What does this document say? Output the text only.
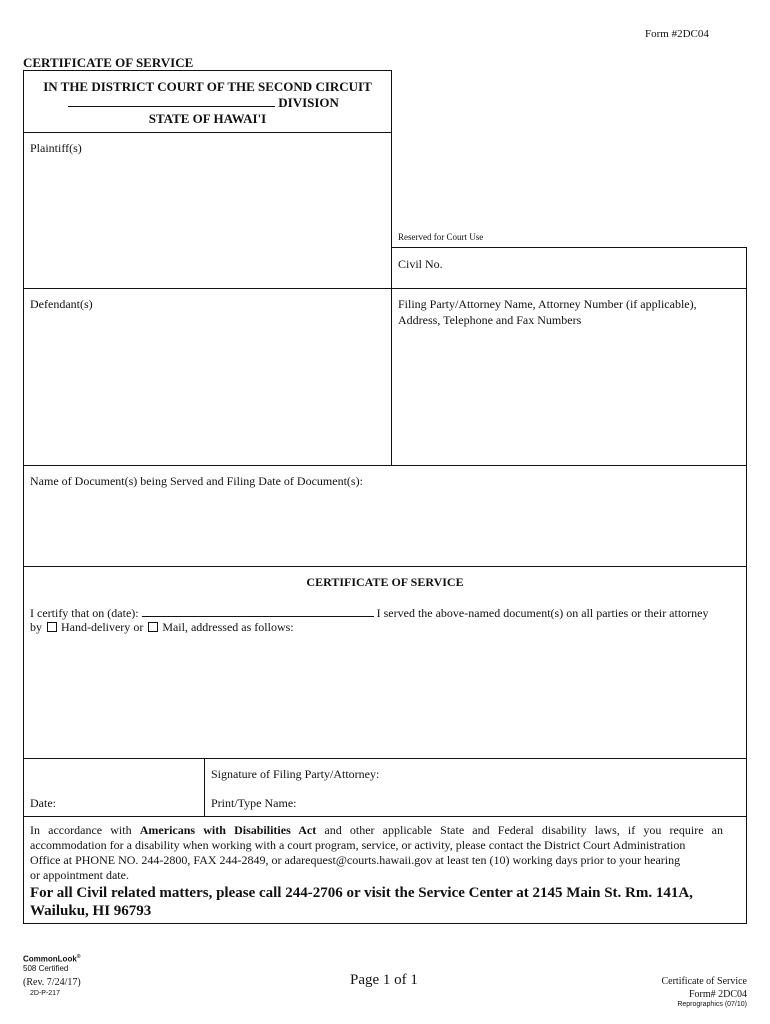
Form #2DC04
CERTIFICATE OF SERVICE
IN THE DISTRICT COURT OF THE SECOND CIRCUIT
DIVISION
STATE OF HAWAI'I
Plaintiff(s)
Reserved for Court Use
Civil No.
Defendant(s)	Filing Party/Attorney Name, Attorney Number (if applicable),
Address, Telephone and Fax Numbers
Name of Document(s) being Served and Filing Date of Document(s):
CERTIFICATE OF SERVICE
I certify that on (date):	I served the above-named document(s) on all parties or their attorney
by Hand-delivery or Mail, addressed as follows:
Signature of Filing Party/Attorney:
Date:	Print/Type Name:
In accordance with Americans with Disabilities Act and other applicable State and Federal disability laws, if you require an
accommodation for a disability when working with a court program, service, or activity, please contact the District Court Administration
Office at PHONE NO. 244-2800, FAX 244-2849, or adarequest@courts.hawaii.gov at least ten (10) working days prior to your hearing
or appointment date.
For all Civil related matters, please call 244-2706 or visit the Service Center at 2145 Main St. Rm. 141A,
Wailuku, HI 96793
CommonLook®
508 Certified
(Rev. 7/24/17)
2D-P-217
Page 1 of 1	Certificate of Service
Form# 2DC04
Reprographics (07/10)
